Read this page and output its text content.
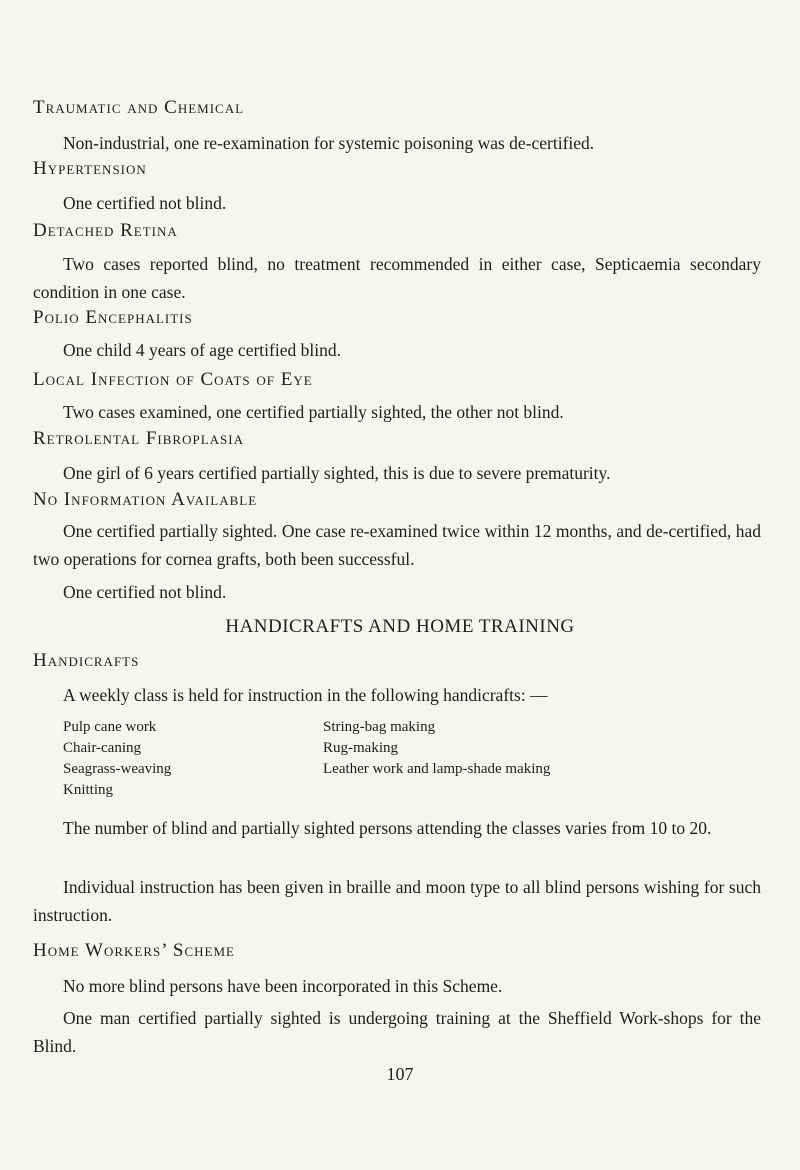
Traumatic and Chemical
Non-industrial, one re-examination for systemic poisoning was de-certified.
Hypertension
One certified not blind.
Detached Retina
Two cases reported blind, no treatment recommended in either case, Septicaemia secondary condition in one case.
Polio Encephalitis
One child 4 years of age certified blind.
Local Infection of Coats of Eye
Two cases examined, one certified partially sighted, the other not blind.
Retrolental Fibroplasia
One girl of 6 years certified partially sighted, this is due to severe prematurity.
No Information Available
One certified partially sighted. One case re-examined twice within 12 months, and de-certified, had two operations for cornea grafts, both been successful.
One certified not blind.
HANDICRAFTS AND HOME TRAINING
Handicrafts
A weekly class is held for instruction in the following handicrafts: —
Pulp cane work
Chair-caning
Seagrass-weaving
Knitting
String-bag making
Rug-making
Leather work and lamp-shade making
The number of blind and partially sighted persons attending the classes varies from 10 to 20.
Individual instruction has been given in braille and moon type to all blind persons wishing for such instruction.
Home Workers’ Scheme
No more blind persons have been incorporated in this Scheme.
One man certified partially sighted is undergoing training at the Sheffield Work-shops for the Blind.
107
